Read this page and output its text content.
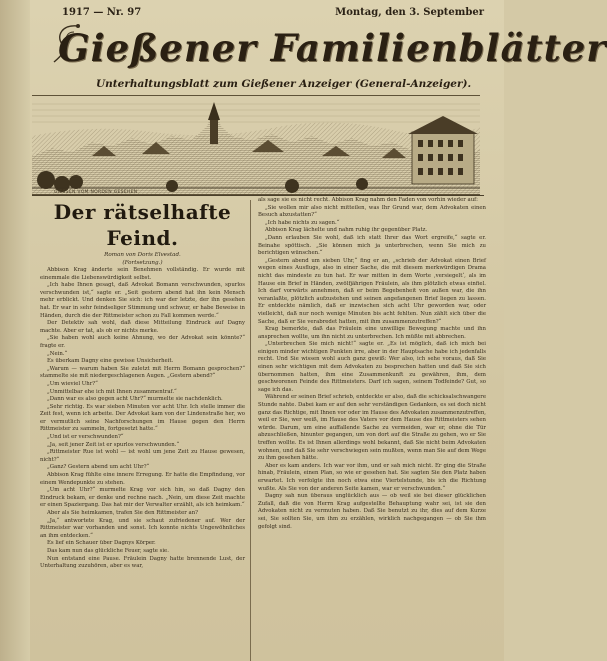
1917 — Nr. 97	Montag, den 3. September
Gießener Familienblätter
Unterhaltungsblatt zum Gießener Anzeiger (General-Anzeiger).
GIESSEN VOM NORDEN GESEHEN
Der rätselhafte Feind.
Roman von Doris Elvestad.
(Fortsetzung.)

Abbison Krag änderte sein Benehmen vollständig. Er wurde mit einemmale die Liebenswürdigkeit selbst.

„Ich habe Ihnen gesagt, daß Advokat Bomann verschwunden, spurlos verschwunden ist,“ sagte er. „Seit gestern abend hat ihn kein Mensch mehr erblickt. Und denken Sie sich: ich war der letzte, der ihn gesehen hat. Er war in sehr feindseliger Stimmung und schwur, er habe Beweise in Händen, durch die der Rittmeister schon zu Fall kommen werde.“

Der Detektiv sah wohl, daß diese Mitteilung Eindruck auf Dagny machte. Aber er tat, als ob er nichts merke.

„Sie haben wohl auch keine Ahnung, wo der Advokat sein könnte?“ fragte er.

„Nein.“

Es überkam Dagny eine gewisse Unsicherheit.

„Warum — warum haben Sie zuletzt mit Herrn Bomann gesprochen?“ stammelte sie mit niedergeschlagenen Augen. „Gestern abend?“

„Um wieviel Uhr?“

„Unmittelbar ehe ich mit Ihnen zusammentraf.“

„Dann war es also gegen acht Uhr?“ murmelte sie nachdenklich.

„Sehr richtig. Es war sieben Minuten vor acht Uhr. Ich stelle immer die Zeit fest, wenn ich arbeite. Der Advokat kam von der Lindenstraße her, wo er vermutlich seine Nachforschungen im Hause gegen den Herrn Rittmeister zu sammeln, fortgesetzt hatte.“

„Und ist er verschwunden?“

„Ja, seit jener Zeit ist er spurlos verschwunden.“

„Rittmeister Rue ist wohl — ist wohl um jene Zeit zu Hause gewesen, nicht?“

„Ganz? Gestern abend um acht Uhr?“

Abbison Krag fühlte eine innere Erregung. Er hatte die Empfindung, vor einem Wendepunkte zu stehen.

„Um acht Uhr?“ murmelte Krag vor sich hin, so daß Dagny den Eindruck bekam, er denke und rechne nach. „Nein, um diese Zeit machte er einen Spaziergang. Das hat mir der Verwalter erzählt, als ich heimkam.“

Aber als Sie heimkamen, trafen Sie den Rittmeister an?

„Ja,“ antwortete Krag, und sie schaut zufriedener auf. Wer der Rittmeister war vorhanden und sonst. Ich konnte nichts Ungewöhnliches an ihm entdecken.“

Es lief ein Schauer über Dagnys Körper.

Das kam nun das glückliche Feuer, sagte sie.

Nun entstand eine Pause. Fräulein Dagny hatte brennende Lust, der Unterhaltung zuzuhören, aber es war,

als sage sie es nicht recht. Abbison Krag nahm den Faden von vorhin wieder auf:

„Sie wollen mir also nicht mitteilen, was Ihr Grund war, dem Advokaten einen Besuch abzustatten?“

„Ich habe nichts zu sagen.“

Abbison Krag lächelte und nahm ruhig ihr gegenüber Platz.

„Dann erlauben Sie wohl, daß ich statt Ihrer das Wort ergreife,“ sagte er. Beinahe spöttisch. „Sie können mich ja unterbrechen, wenn Sie mich zu berichtigen wünschen.“

„Gestern abend um sieben Uhr,“ fing er an, „schrieb der Advokat einen Brief wegen eines Ausflugs, also in einer Sache, die mit diesem merkwürdigen Drama nicht das mindeste zu tun hat. Er war mitten in dem Worte ‚versiegelt‘, als im Hause ein Brief in Händen, zwölfjährigen Fräulein, als ihm plötzlich etwas einfiel. Ich darf vorwärts annehmen, daß er beim Begebenheit von außen war, die ihn veranlaßte, plötzlich aufzustehen und seinen angefangenen Brief liegen zu lassen. Er entdeckte nämlich, daß er inzwischen sich acht Uhr geworden war, oder vielleicht, daß nur noch wenige Minuten bis acht fehlten. Nun zählt sich über die Sache, daß er Sie verabredet hatten, mit ihm zusammenzutreffen?“

Krag bemerkte, daß das Fräulein eine unwillige Bewegung machte und ihn ansprechen wollte, um ihn nicht zu unterbrechen. Ich müßte mit abbrechen.

„Unterbrechen Sie mich nicht!“ sagte er. „Es ist möglich, daß ich mich bei einigen minder wichtigen Punkten irre, aber in der Hauptsache habe ich jedenfalls recht. Und Sie wissen wohl auch ganz gewiß: Wer also, ich sehe voraus, daß Sie einen sehr wichtigen mit dem Advokaten zu besprechen hatten und daß Sie sich übernommen hatten, ihm eine Zusammenkunft zu gewähren, ihm, dem geschworenen Feinde des Rittmeisters. Darf ich sagen, seinem Todfeinde? Gut, so sage ich das.

Während er seinen Brief schrieb, entdeckte er also, daß die schicksalschwangere Stunde nahte. Dabei kam er auf den sehr verständigen Gedanken, es sei doch nicht ganz das Richtige, mit Ihnen vor oder im Hause des Advokaten zusammenzutreffen, weil er Sie, wer weiß, im Hause des Vaters vor dem Hause des Rittmeisters sehen würde. Darum, um eine auffallende Sache zu vermeiden, war er, ohne die Tür abzuschließen, hinunter gegangen, um von dort auf die Straße zu gehen, wo er Sie treffen wollte. Es ist Ihnen allerdings wohl bekannt, daß Sie nicht beim Advokaten wohnen, und daß Sie sehr verschwiegen sein mußten, wenn man Sie auf dem Wege zu ihm gesehen hätte.

Aber es kam anders. Ich war vor ihm, und er sah mich nicht. Er ging die Straße hinab, Fräulein, einen Plan, so wie er gesehen hat. Sie sagten Sie den Platz haben erwartet. Ich verfolgte ihn noch etwa eine Viertelstunde, bis ich die Richtung wußte. Als Sie von der anderen Seite kamen, war er verschwunden.“

Dagny sah nun überaus unglücklich aus — ob weil sie bei dieser glücklichen Zufall, daß die von Herrn Krag aufgestellte Behauptung wahr sei, ist sie den Advokaten nicht zu vermuten haben. Daß Sie benutzt zu ihr, dies auf dem Kurze sei, Sie sollten Sie, um ihm zu erzählen, wirklich nachgegangen — ob Sie ihm gefolgt sind.
